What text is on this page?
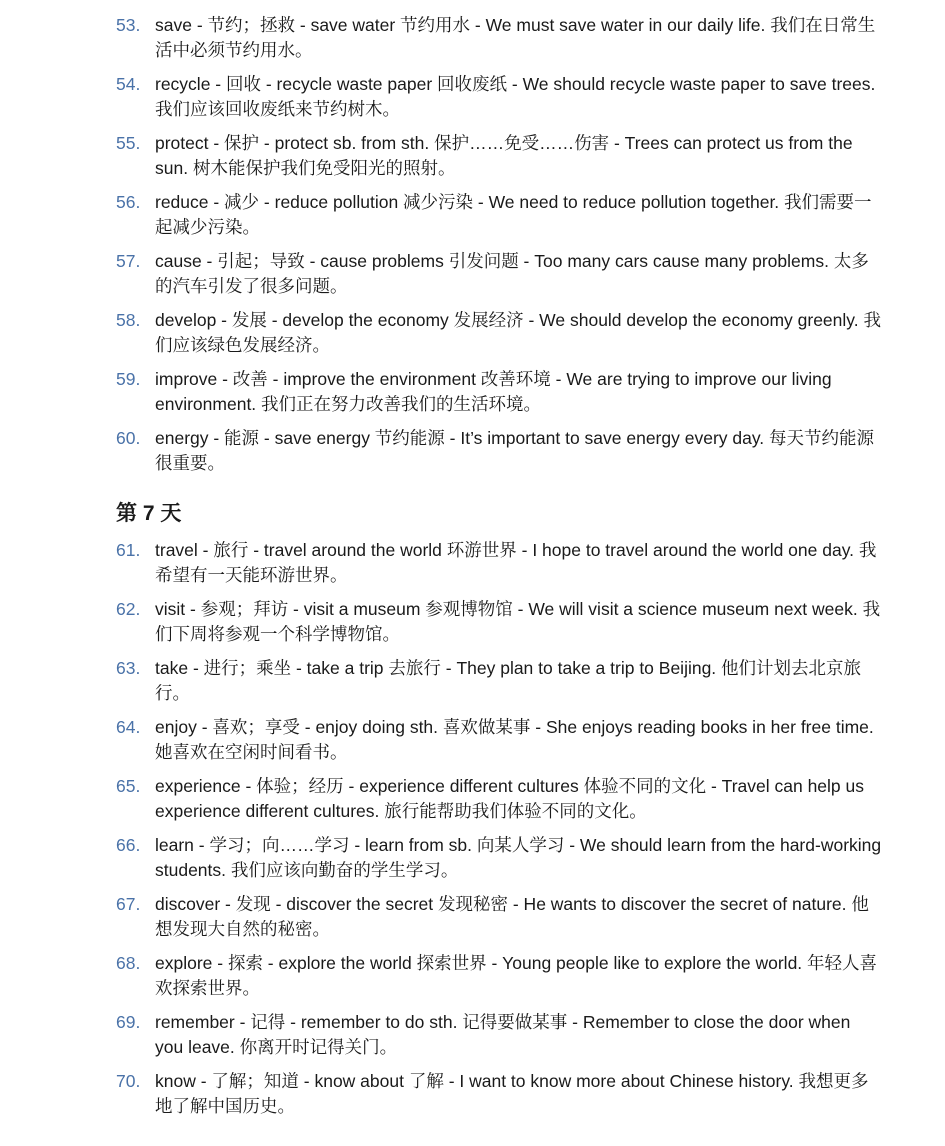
53. save - 节约；拯救 - save water 节约用水 - We must save water in our daily life. 我们在日常生活中必须节约用水。
54. recycle - 回收 - recycle waste paper 回收废纸 - We should recycle waste paper to save trees. 我们应该回收废纸来节约树木。
55. protect - 保护 - protect sb. from sth. 保护……免受……伤害 - Trees can protect us from the sun. 树木能保护我们免受阳光的照射。
56. reduce - 减少 - reduce pollution 减少污染 - We need to reduce pollution together. 我们需要一起减少污染。
57. cause - 引起；导致 - cause problems 引发问题 - Too many cars cause many problems. 太多的汽车引发了很多问题。
58. develop - 发展 - develop the economy 发展经济 - We should develop the economy greenly. 我们应该绿色发展经济。
59. improve - 改善 - improve the environment 改善环境 - We are trying to improve our living environment. 我们正在努力改善我们的生活环境。
60. energy - 能源 - save energy 节约能源 - It’s important to save energy every day. 每天节约能源很重要。
第 7 天
61. travel - 旅行 - travel around the world 环游世界 - I hope to travel around the world one day. 我希望有一天能环游世界。
62. visit - 参观；拜访 - visit a museum 参观博物馆 - We will visit a science museum next week. 我们下周将参观一个科学博物馆。
63. take - 进行；乘坐 - take a trip 去旅行 - They plan to take a trip to Beijing. 他们计划去北京旅行。
64. enjoy - 喜欢；享受 - enjoy doing sth. 喜欢做某事 - She enjoys reading books in her free time. 她喜欢在空闲时间看书。
65. experience - 体验；经历 - experience different cultures 体验不同的文化 - Travel can help us experience different cultures. 旅行能帮助我们体验不同的文化。
66. learn - 学习；向……学习 - learn from sb. 向某人学习 - We should learn from the hard-working students. 我们应该向勤奋的学生学习。
67. discover - 发现 - discover the secret 发现秘密 - He wants to discover the secret of nature. 他想发现大自然的秘密。
68. explore - 探索 - explore the world 探索世界 - Young people like to explore the world. 年轻人喜欢探索世界。
69. remember - 记得 - remember to do sth. 记得要做某事 - Remember to close the door when you leave. 你离开时记得关门。
70. know - 了解；知道 - know about 了解 - I want to know more about Chinese history. 我想更多地了解中国历史。
